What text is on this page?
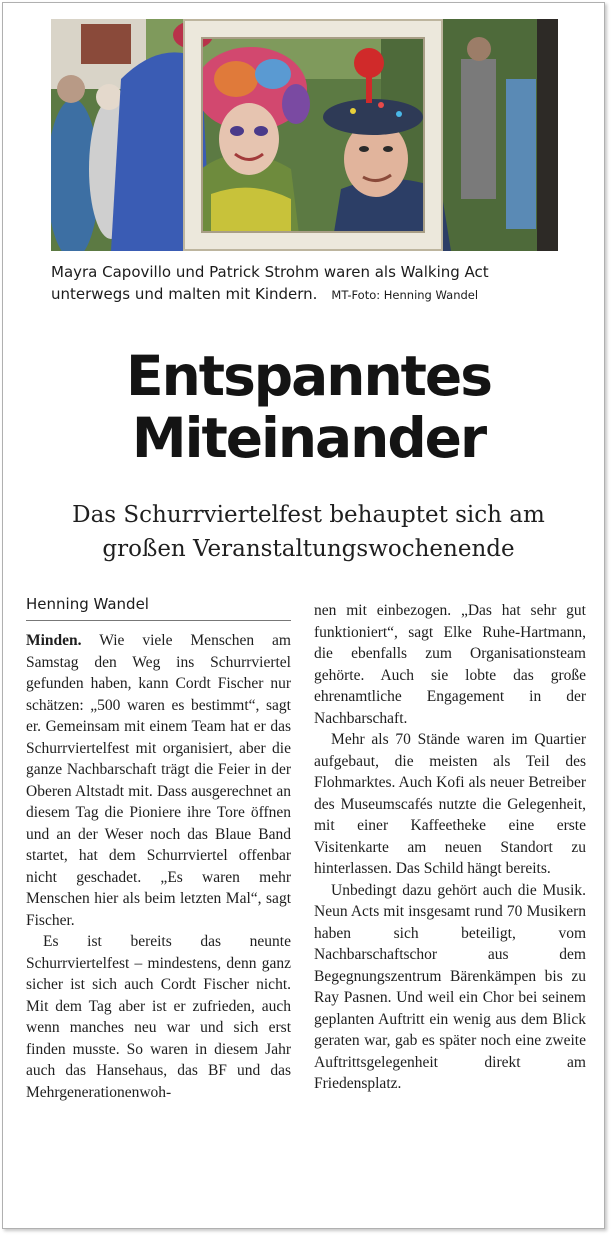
Mayra Capovillo und Patrick Strohm waren als Walking Act unterwegs und malten mit Kindern. MT-Foto: Henning Wandel
Entspanntes
Miteinander
Das Schurrviertelfest behauptet sich am
großen Veranstaltungswochenende
Henning Wandel

Minden. Wie viele Menschen am Samstag den Weg ins Schurrviertel gefunden haben, kann Cordt Fischer nur schätzen: „500 waren es bestimmt“, sagt er. Gemeinsam mit einem Team hat er das Schurrviertelfest mit organisiert, aber die ganze Nachbarschaft trägt die Feier in der Oberen Altstadt mit. Dass ausgerechnet an diesem Tag die Pioniere ihre Tore öffnen und an der Weser noch das Blaue Band startet, hat dem Schurrviertel offenbar nicht geschadet. „Es waren mehr Menschen hier als beim letzten Mal“, sagt Fischer.

Es ist bereits das neunte Schurrviertelfest – mindestens, denn ganz sicher ist sich auch Cordt Fischer nicht. Mit dem Tag aber ist er zufrieden, auch wenn manches neu war und sich erst finden musste. So waren in diesem Jahr auch das Hansehaus, das BF und das Mehrgenerationenwoh-

nen mit einbezogen. „Das hat sehr gut funktioniert“, sagt Elke Ruhe-Hartmann, die ebenfalls zum Organisationsteam gehörte. Auch sie lobte das große ehrenamtliche Engagement in der Nachbarschaft.

Mehr als 70 Stände waren im Quartier aufgebaut, die meisten als Teil des Flohmarktes. Auch Kofi als neuer Betreiber des Museumscafés nutzte die Gelegenheit, mit einer Kaffeetheke eine erste Visitenkarte am neuen Standort zu hinterlassen. Das Schild hängt bereits.

Unbedingt dazu gehört auch die Musik. Neun Acts mit insgesamt rund 70 Musikern haben sich beteiligt, vom Nachbarschaftschor aus dem Begegnungszentrum Bärenkämpen bis zu Ray Pasnen. Und weil ein Chor bei seinem geplanten Auftritt ein wenig aus dem Blick geraten war, gab es später noch eine zweite Auftrittsgelegenheit direkt am Friedensplatz.
